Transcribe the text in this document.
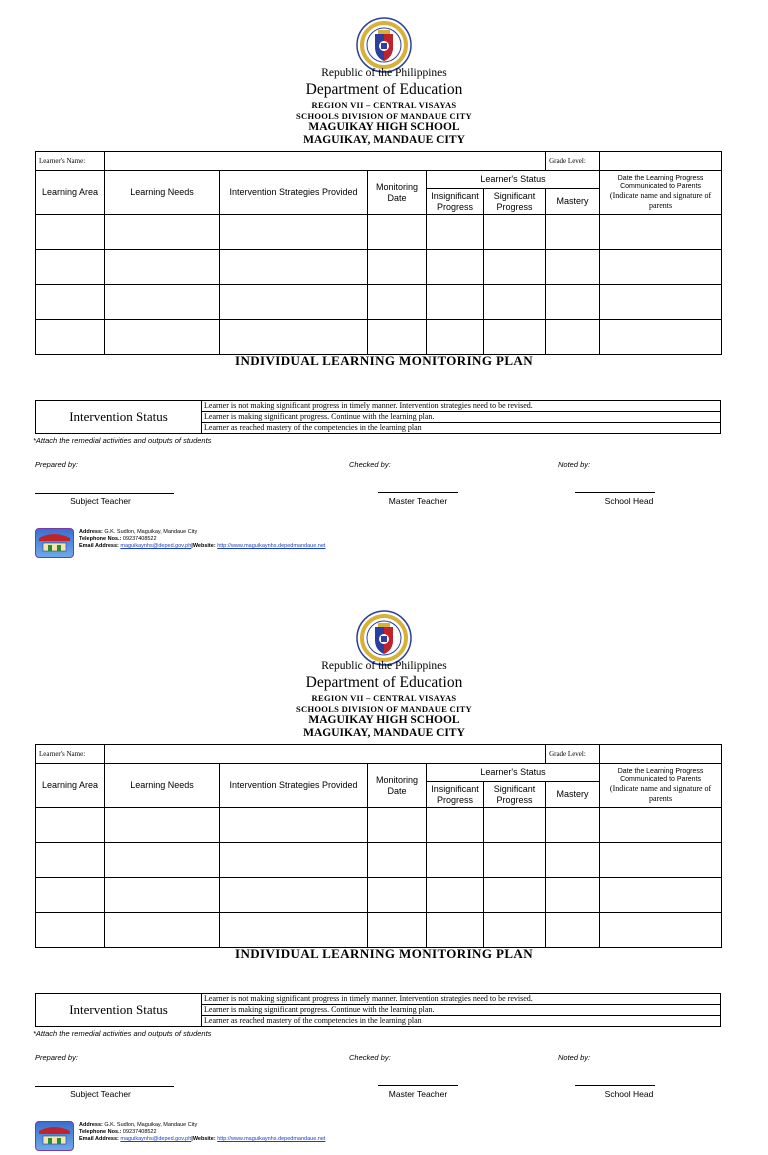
Republic of the Philippines
Department of Education
REGION VII – CENTRAL VISAYAS
SCHOOLS DIVISION OF MANDAUE CITY
MAGUIKAY HIGH SCHOOL
MAGUIKAY, MANDAUE CITY
Learner's Name:						Grade Level:	
Learning Area	Learning Needs	Intervention Strategies Provided	Monitoring Date	Learner's Status			Date the Learning Progress Communicated to Parents
(Indicate name and signature of parents

				Insignificant Progress	Significant Progress	Mastery	

INDIVIDUAL LEARNING MONITORING PLAN
Intervention Status	Learner is not making significant progress in timely manner. Intervention strategies need to be revised.
Learner is making significant progress. Continue with the learning plan.
Learner as reached mastery of the competencies in the learning plan
*Attach the remedial activities and outputs of students
Prepared by:	Checked by:	Noted by:
Subject Teacher	Master Teacher	School Head
Address: G.K. Sudlon, Maguikay, Mandaue City
Telephone Nos.: 09237408522
Email Address: maguikaynhs@deped.gov.ph|Website: http://www.maguikaynhs.depedmandaue.net
Republic of the Philippines
Department of Education
REGION VII – CENTRAL VISAYAS
SCHOOLS DIVISION OF MANDAUE CITY
MAGUIKAY HIGH SCHOOL
MAGUIKAY, MANDAUE CITY
Learner's Name:						Grade Level:	
Learning Area	Learning Needs	Intervention Strategies Provided	Monitoring Date	Learner's Status			Date the Learning Progress Communicated to Parents
(Indicate name and signature of parents

				Insignificant Progress	Significant Progress	Mastery	

INDIVIDUAL LEARNING MONITORING PLAN
Intervention Status	Learner is not making significant progress in timely manner. Intervention strategies need to be revised.
Learner is making significant progress. Continue with the learning plan.
Learner as reached mastery of the competencies in the learning plan
*Attach the remedial activities and outputs of students
Prepared by:	Checked by:	Noted by:
Subject Teacher	Master Teacher	School Head
Address: G.K. Sudlon, Maguikay, Mandaue City
Telephone Nos.: 09237408522
Email Address: maguikaynhs@deped.gov.ph|Website: http://www.maguikaynhs.depedmandaue.net
